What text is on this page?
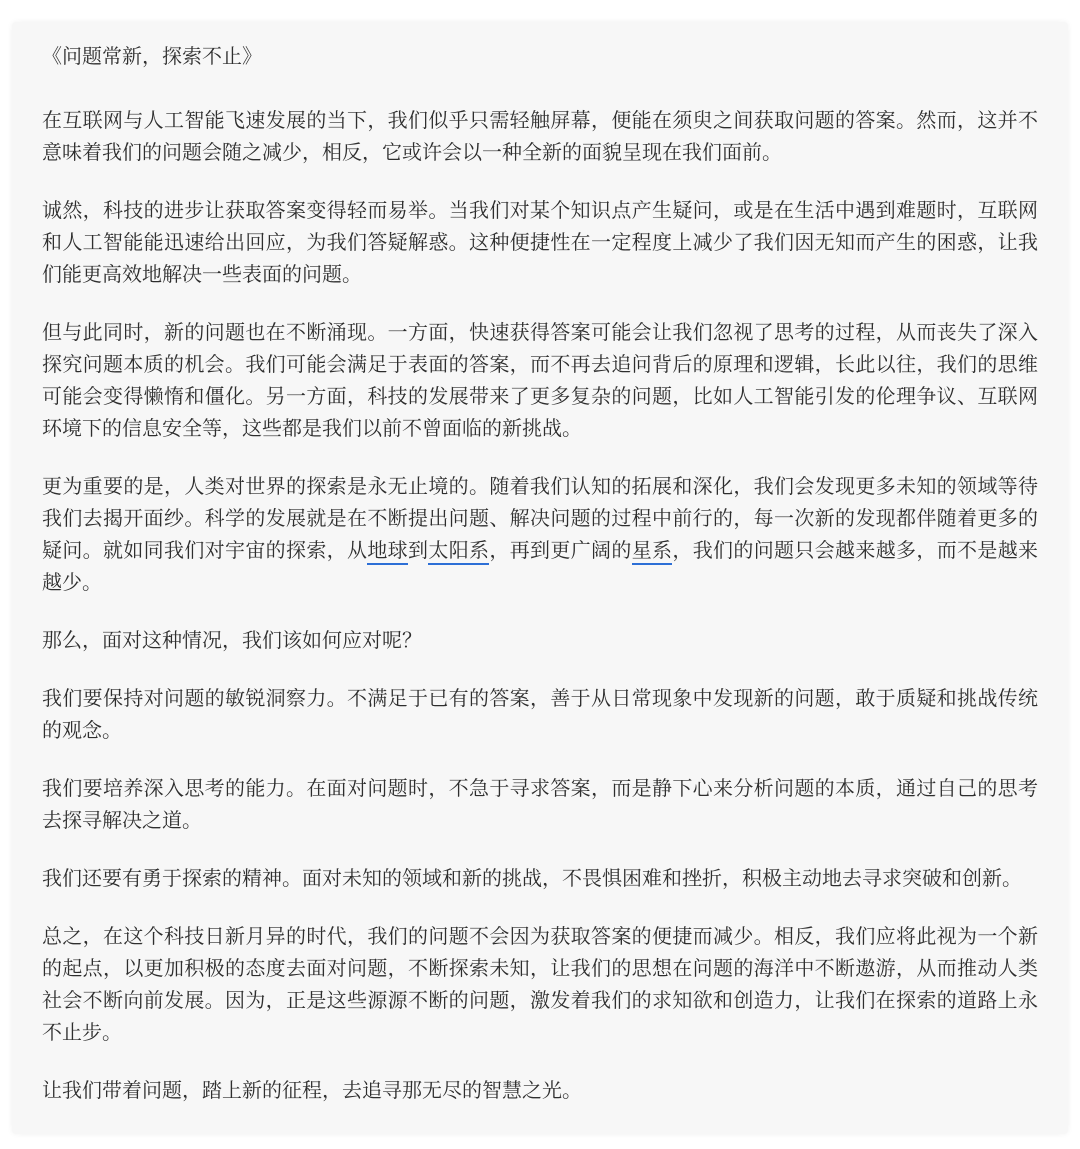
《问题常新，探索不止》

在互联网与人工智能飞速发展的当下，我们似乎只需轻触屏幕，便能在须臾之间获取问题的答案。然而，这并不意味着我们的问题会随之减少，相反，它或许会以一种全新的面貌呈现在我们面前。

诚然，科技的进步让获取答案变得轻而易举。当我们对某个知识点产生疑问，或是在生活中遇到难题时，互联网和人工智能能迅速给出回应，为我们答疑解惑。这种便捷性在一定程度上减少了我们因无知而产生的困惑，让我们能更高效地解决一些表面的问题。

但与此同时，新的问题也在不断涌现。一方面，快速获得答案可能会让我们忽视了思考的过程，从而丧失了深入探究问题本质的机会。我们可能会满足于表面的答案，而不再去追问背后的原理和逻辑，长此以往，我们的思维可能会变得懒惰和僵化。另一方面，科技的发展带来了更多复杂的问题，比如人工智能引发的伦理争议、互联网环境下的信息安全等，这些都是我们以前不曾面临的新挑战。

更为重要的是，人类对世界的探索是永无止境的。随着我们认知的拓展和深化，我们会发现更多未知的领域等待我们去揭开面纱。科学的发展就是在不断提出问题、解决问题的过程中前行的，每一次新的发现都伴随着更多的疑问。就如同我们对宇宙的探索，从地球到太阳系，再到更广阔的星系，我们的问题只会越来越多，而不是越来越少。

那么，面对这种情况，我们该如何应对呢？

我们要保持对问题的敏锐洞察力。不满足于已有的答案，善于从日常现象中发现新的问题，敢于质疑和挑战传统的观念。

我们要培养深入思考的能力。在面对问题时，不急于寻求答案，而是静下心来分析问题的本质，通过自己的思考去探寻解决之道。

我们还要有勇于探索的精神。面对未知的领域和新的挑战，不畏惧困难和挫折，积极主动地去寻求突破和创新。

总之，在这个科技日新月异的时代，我们的问题不会因为获取答案的便捷而减少。相反，我们应将此视为一个新的起点，以更加积极的态度去面对问题，不断探索未知，让我们的思想在问题的海洋中不断遨游，从而推动人类社会不断向前发展。因为，正是这些源源不断的问题，激发着我们的求知欲和创造力，让我们在探索的道路上永不止步。

让我们带着问题，踏上新的征程，去追寻那无尽的智慧之光。
